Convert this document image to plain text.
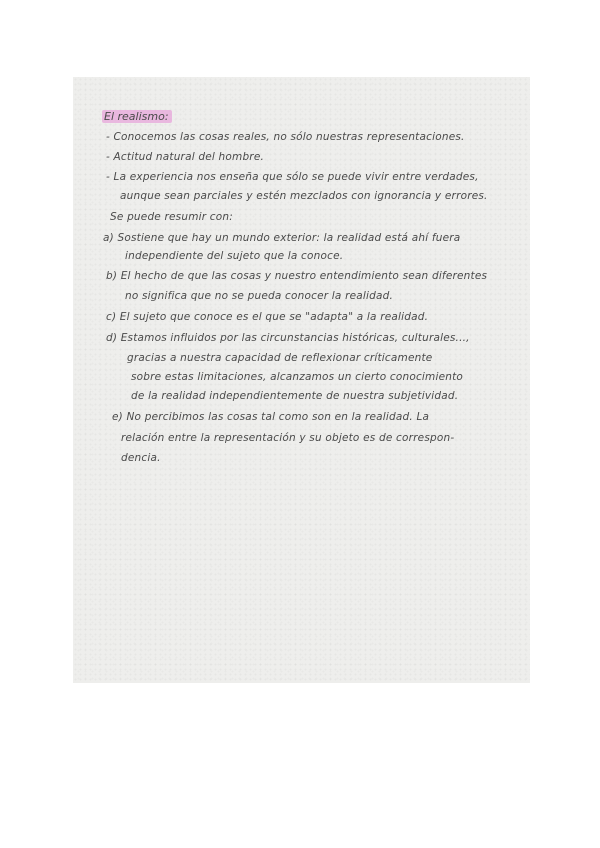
El realismo:
- Conocemos las cosas reales, no sólo nuestras representaciones.
- Actitud natural del hombre.
- La experiencia nos enseña que sólo se puede vivir entre verdades,
aunque sean parciales y estén mezclados con ignorancia y errores.
Se puede resumir con:
a) Sostiene que hay un mundo exterior: la realidad está ahí fuera
independiente del sujeto que la conoce.
b) El hecho de que las cosas y nuestro entendimiento sean diferentes
no significa que no se pueda conocer la realidad.
c) El sujeto que conoce es el que se "adapta" a la realidad.
d) Estamos influidos por las circunstancias históricas, culturales...,
gracias a nuestra capacidad de reflexionar críticamente
sobre estas limitaciones, alcanzamos un cierto conocimiento
de la realidad independientemente de nuestra subjetividad.
e) No percibimos las cosas tal como son en la realidad. La
relación entre la representación y su objeto es de correspon-
dencia.
